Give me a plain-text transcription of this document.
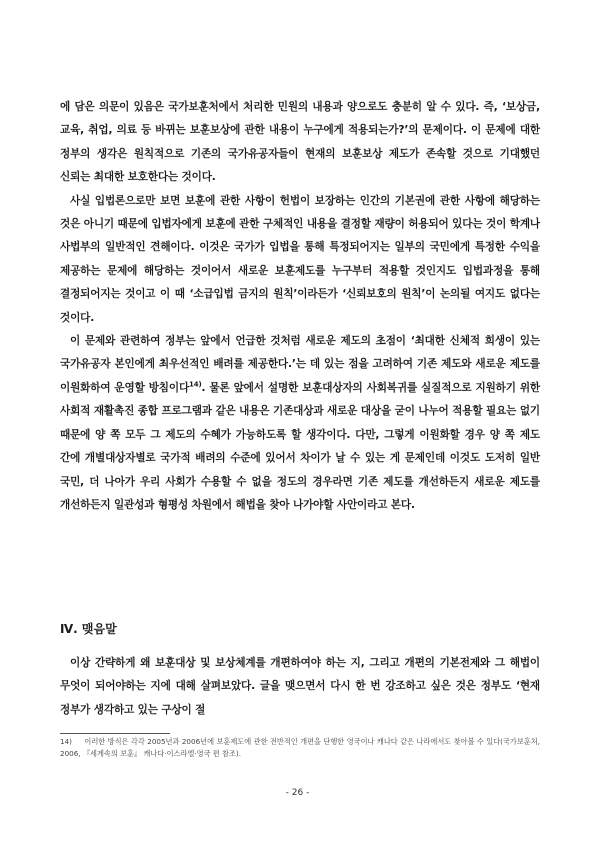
에 담은 의문이 있음은 국가보훈처에서 처리한 민원의 내용과 양으로도 충분히 알 수 있다. 즉, ‘보상금, 교육, 취업, 의료 등 바뀌는 보훈보상에 관한 내용이 누구에게 적용되는가?’의 문제이다. 이 문제에 대한 정부의 생각은 원칙적으로 기존의 국가유공자들이 현재의 보훈보상 제도가 존속할 것으로 기대했던 신뢰는 최대한 보호한다는 것이다.

사실 입법론으로만 보면 보훈에 관한 사항이 헌법이 보장하는 인간의 기본권에 관한 사항에 해당하는 것은 아니기 때문에 입법자에게 보훈에 관한 구체적인 내용을 결정할 재량이 허용되어 있다는 것이 학계나 사법부의 일반적인 견해이다. 이것은 국가가 입법을 통해 특정되어지는 일부의 국민에게 특정한 수익을 제공하는 문제에 해당하는 것이어서 새로운 보훈제도를 누구부터 적용할 것인지도 입법과정을 통해 결정되어지는 것이고 이 때 ‘소급입법 금지의 원칙’이라든가 ‘신뢰보호의 원칙’이 논의될 여지도 없다는 것이다.

이 문제와 관련하여 정부는 앞에서 언급한 것처럼 새로운 제도의 초점이 ‘최대한 신체적 희생이 있는 국가유공자 본인에게 최우선적인 배려를 제공한다.’는 데 있는 점을 고려하여 기존 제도와 새로운 제도를 이원화하여 운영할 방침이다$^{14)}$. 물론 앞에서 설명한 보훈대상자의 사회복귀를 실질적으로 지원하기 위한 사회적 재활촉진 종합 프로그램과 같은 내용은 기존대상과 새로운 대상을 굳이 나누어 적용할 필요는 없기 때문에 양 쪽 모두 그 제도의 수혜가 가능하도록 할 생각이다. 다만, 그렇게 이원화할 경우 양 쪽 제도 간에 개별대상자별로 국가적 배려의 수준에 있어서 차이가 날 수 있는 게 문제인데 이것도 도저히 일반 국민, 더 나아가 우리 사회가 수용할 수 없을 정도의 경우라면 기존 제도를 개선하든지 새로운 제도를 개선하든지 일관성과 형평성 차원에서 해법을 찾아 나가야할 사안이라고 본다.

Ⅳ. 맺음말

이상 간략하게 왜 보훈대상 및 보상체계를 개편하여야 하는 지, 그리고 개편의 기본전제와 그 해법이 무엇이 되어야하는 지에 대해 살펴보았다. 글을 맺으면서 다시 한 번 강조하고 싶은 것은 정부도 ‘현재 정부가 생각하고 있는 구상이 절

14) 이러한 방식은 각각 2005년과 2006년에 보훈제도에 관한 전반적인 개편을 단행한 영국이나 캐나다 같은 나라에서도 찾아볼 수 있다(국가보훈처, 2006, 『세계속의 보훈』 캐나다·이스라엘·영국 편 참조).
- 26 -
